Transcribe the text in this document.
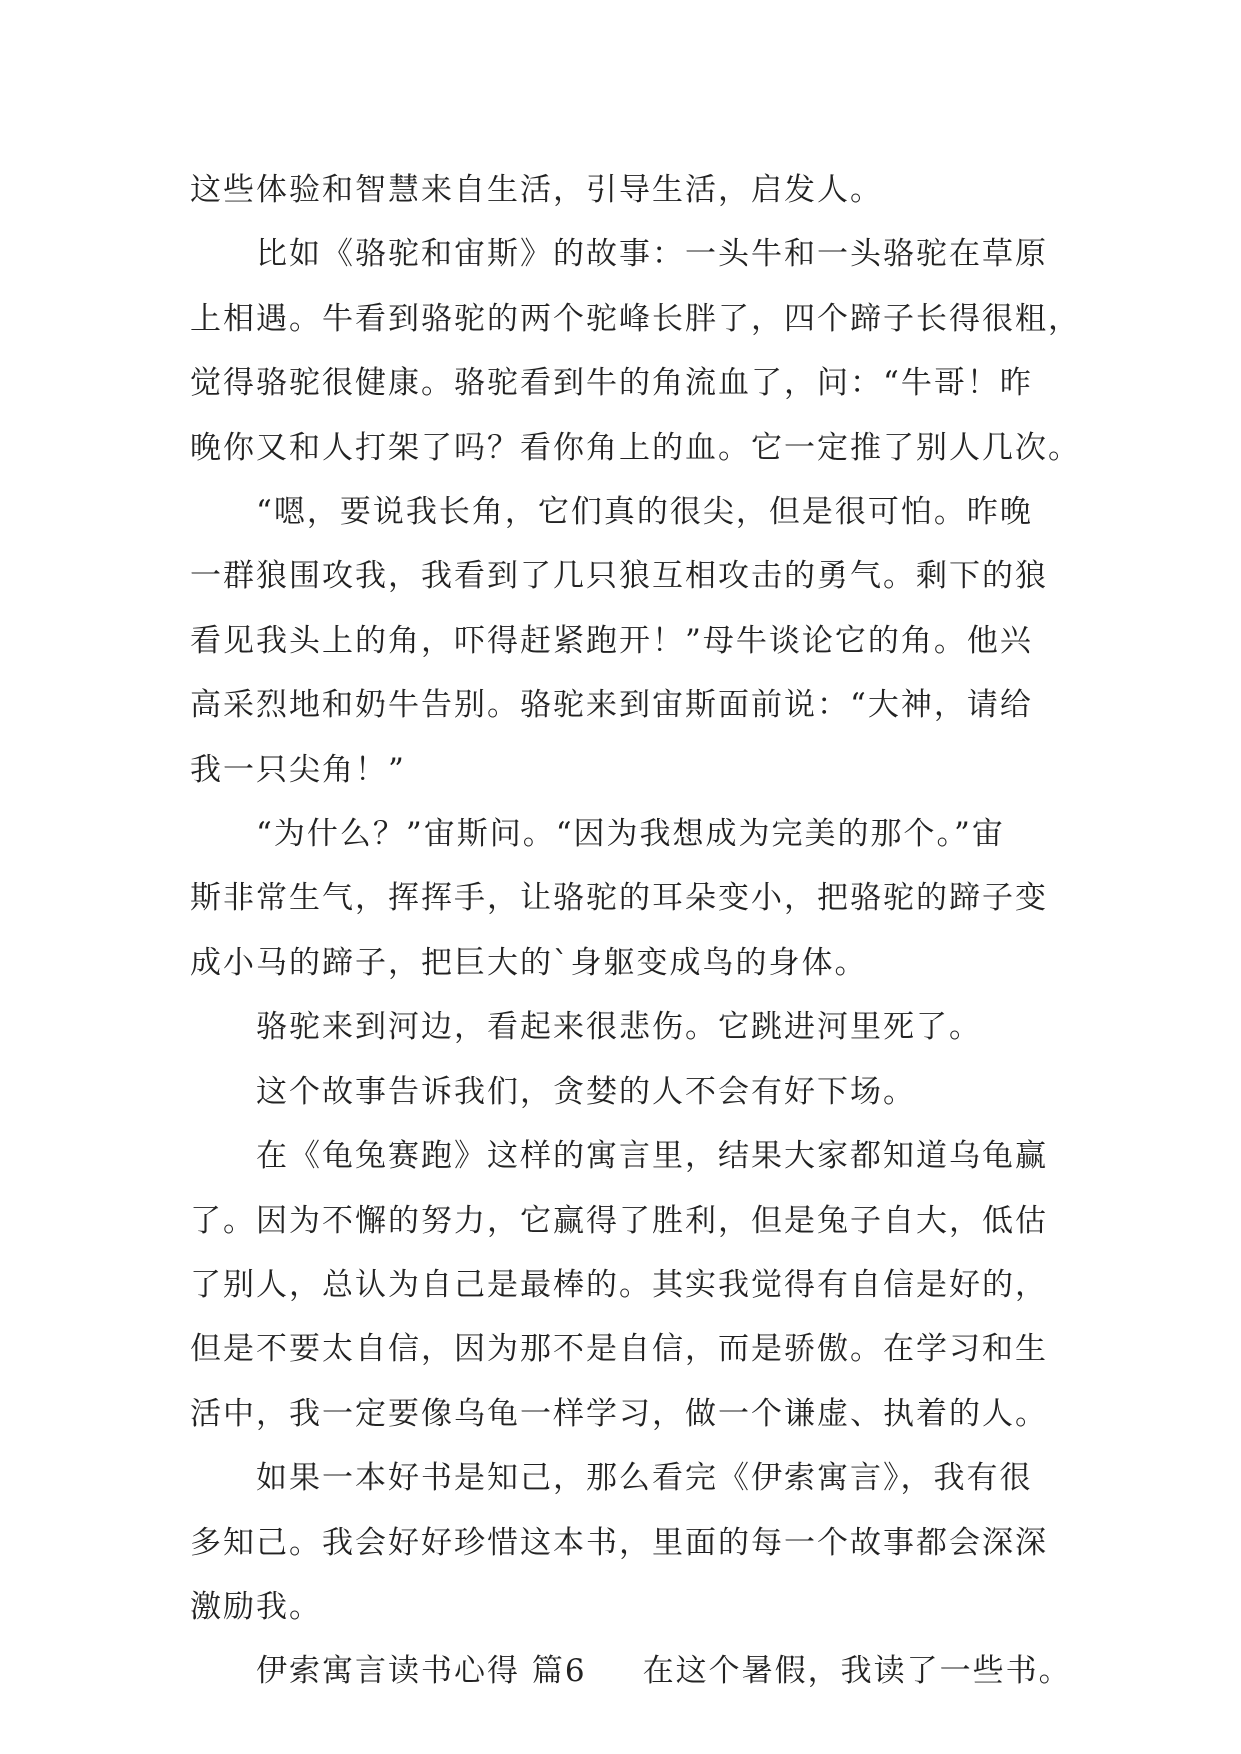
这些体验和智慧来自生活，引导生活，启发人。

比如《骆驼和宙斯》的故事：一头牛和一头骆驼在草原

上相遇。牛看到骆驼的两个驼峰长胖了，四个蹄子长得很粗，

觉得骆驼很健康。骆驼看到牛的角流血了，问：“牛哥！昨

晚你又和人打架了吗？看你角上的血。它一定推了别人几次。

“嗯，要说我长角，它们真的很尖，但是很可怕。昨晚

一群狼围攻我，我看到了几只狼互相攻击的勇气。剩下的狼

看见我头上的角，吓得赶紧跑开！”母牛谈论它的角。他兴

高采烈地和奶牛告别。骆驼来到宙斯面前说：“大神，请给

我一只尖角！”

“为什么？”宙斯问。“因为我想成为完美的那个。”宙

斯非常生气，挥挥手，让骆驼的耳朵变小，把骆驼的蹄子变

成小马的蹄子，把巨大的`身躯变成鸟的身体。

骆驼来到河边，看起来很悲伤。它跳进河里死了。

这个故事告诉我们，贪婪的人不会有好下场。

在《龟兔赛跑》这样的寓言里，结果大家都知道乌龟赢

了。因为不懈的努力，它赢得了胜利，但是兔子自大，低估

了别人，总认为自己是最棒的。其实我觉得有自信是好的，

但是不要太自信，因为那不是自信，而是骄傲。在学习和生

活中，我一定要像乌龟一样学习，做一个谦虚、执着的人。

如果一本好书是知己，那么看完《伊索寓言》，我有很

多知己。我会好好珍惜这本书，里面的每一个故事都会深深

激励我。

伊索寓言读书心得 篇6 在这个暑假，我读了一些书。
